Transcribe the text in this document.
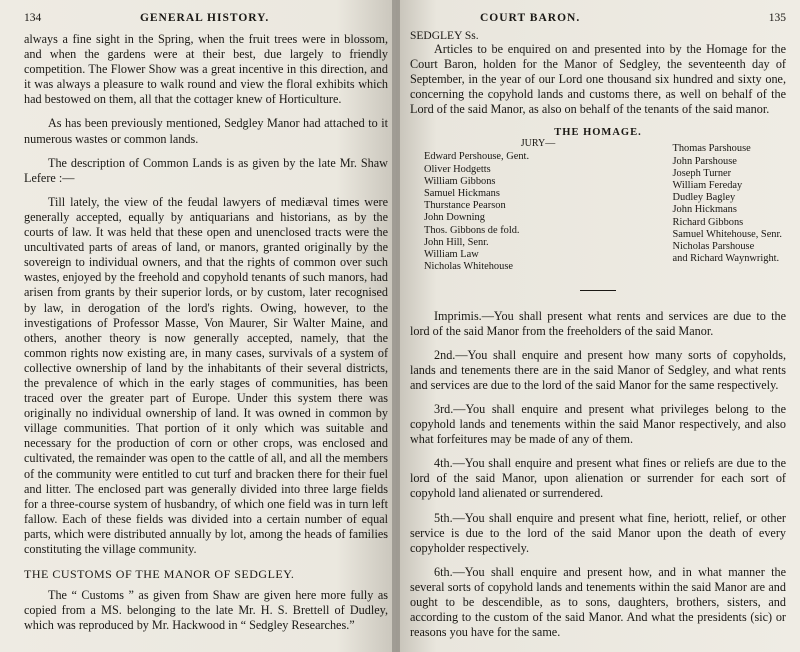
134	GENERAL HISTORY.

always a fine sight in the Spring, when the fruit trees were in blossom, and when the gardens were at their best, due largely to friendly competition. The Flower Show was a great incentive in this direction, and it was always a pleasure to walk round and view the floral exhibits which had bestowed on them, all that the cottager knew of Horticulture.

As has been previously mentioned, Sedgley Manor had attached to it numerous wastes or common lands.

The description of Common Lands is as given by the late Mr. Shaw Lefere :—

Till lately, the view of the feudal lawyers of mediæval times were generally accepted, equally by antiquarians and historians, as by the courts of law. It was held that these open and unenclosed tracts were the uncultivated parts of areas of land, or manors, granted originally by the sovereign to individual owners, and that the rights of common over such wastes, enjoyed by the freehold and copyhold tenants of such manors, had arisen from grants by their superior lords, or by custom, later recognised by law, in derogation of the lord's rights. Owing, however, to the investigations of Professor Masse, Von Maurer, Sir Walter Maine, and others, another theory is now generally accepted, namely, that the common rights now existing are, in many cases, survivals of a system of collective ownership of land by the inhabitants of their several districts, the prevalence of which in the early stages of communities, has been traced over the greater part of Europe. Under this system there was originally no individual ownership of land. It was owned in common by village communities. That portion of it only which was suitable and necessary for the production of corn or other crops, was enclosed and cultivated, the remainder was open to the cattle of all, and all the members of the community were entitled to cut turf and bracken there for their fuel and litter. The enclosed part was generally divided into three large fields for a three-course system of husbandry, of which one field was in turn left fallow. Each of these fields was divided into a certain number of equal parts, which were distributed annually by lot, among the heads of families constituting the village community.

THE CUSTOMS OF THE MANOR OF SEDGLEY.

The “ Customs ” as given from Shaw are given here more fully as copied from a MS. belonging to the late Mr. H. S. Brettell of Dudley, which was reproduced by Mr. Hackwood in “ Sedgley Researches.”

COURT BARON.	135
SEDGLEY Ss.

Articles to be enquired on and presented into by the Homage for the Court Baron, holden for the Manor of Sedgley, the seventeenth day of September, in the year of our Lord one thousand six hundred and sixty one, concerning the copyhold lands and customs there, as well on behalf of the Lord of the said Manor, as also on behalf of the tenants of the said manor.

THE HOMAGE.
JURY—
Edward Pershouse, Gent.
Oliver Hodgetts
William Gibbons
Samuel Hickmans
Thurstance Pearson
John Downing
Thos. Gibbons de fold.
John Hill, Senr.
William Law
Nicholas Whitehouse
Thomas Parshouse
John Parshouse
Joseph Turner
William Fereday
Dudley Bagley
John Hickmans
Richard Gibbons
Samuel Whitehouse, Senr.
Nicholas Parshouse
and Richard Waynwright.

Imprimis.—You shall present what rents and services are due to the lord of the said Manor from the freeholders of the said Manor.

2nd.—You shall enquire and present how many sorts of copyholds, lands and tenements there are in the said Manor of Sedgley, and what rents and services are due to the lord of the said Manor for the same respectively.

3rd.—You shall enquire and present what privileges belong to the copyhold lands and tenements within the said Manor respectively, and also what forfeitures may be made of any of them.

4th.—You shall enquire and present what fines or reliefs are due to the lord of the said Manor, upon alienation or surrender for each sort of copyhold land alienated or surrendered.

5th.—You shall enquire and present what fine, heriott, relief, or other service is due to the lord of the said Manor upon the death of every copyholder respectively.

6th.—You shall enquire and present how, and in what manner the several sorts of copyhold lands and tenements within the said Manor are and ought to be descendible, as to sons, daughters, brothers, sisters, and according to the custom of the said Manor. And what the presidents (sic) or reasons you have for the same.
